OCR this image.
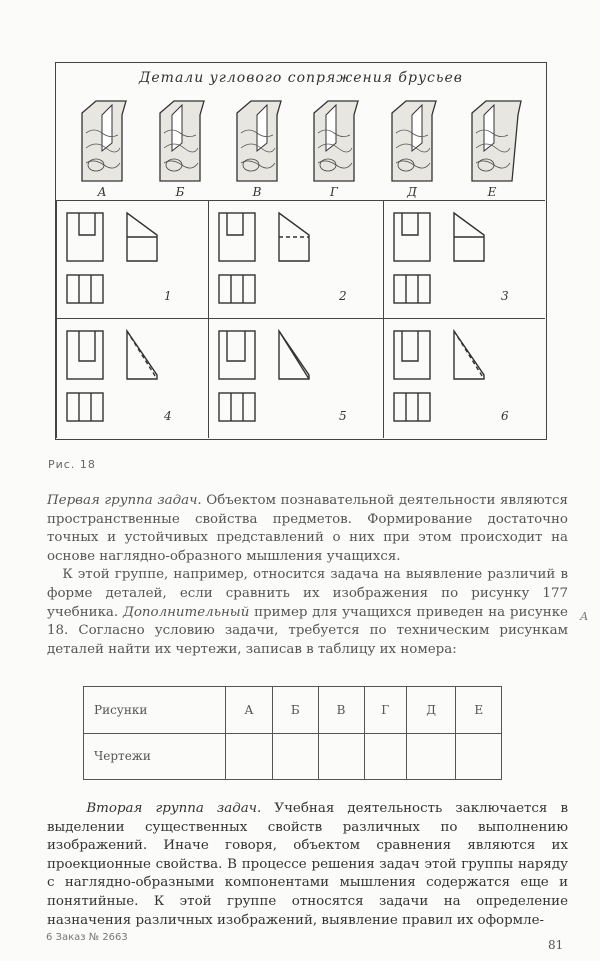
Детали углового сопряжения брусьев
А	Б	В	Г	Д	Е
1	2	3
4	5	6
Рис. 18
Первая группа задач. Объектом познавательной деятельности являются пространственные свойства предметов. Формирование достаточно точных и устойчивых представлений о них при этом происходит на основе наглядно-образного мышления учащихся.
К этой группе, например, относится задача на выявление различий в форме деталей, если сравнить их изображения по рисунку 177 учебника. Дополнительный пример для учащихся приведен на рисунке 18. Согласно условию задачи, требуется по техническим рисункам деталей найти их чертежи, записав в таблицу их номера:
Рисунки	А	Б	В	Г	Д	Е
Чертежи						
Вторая группа задач. Учебная деятельность заключается в выделении существенных свойств различных по выполнению изображений. Иначе говоря, объектом сравнения являются их проекционные свойства. В процессе решения задач этой группы наряду с наглядно-образными компонентами мышления содержатся еще и понятийные. К этой группе относятся задачи на определение назначения различных изображений, выявление правил их оформле-
6 Заказ № 2663
81
А
